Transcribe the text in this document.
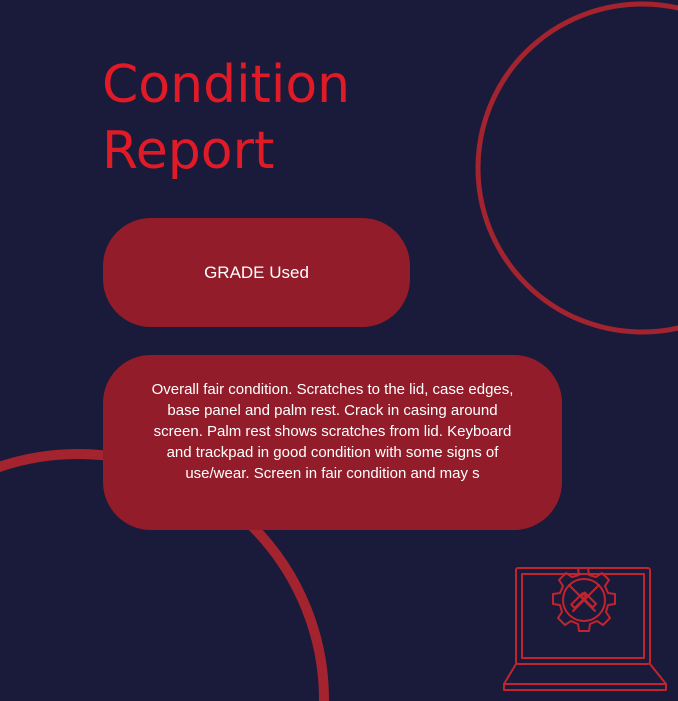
Condition
Report
GRADE Used

Overall fair condition. Scratches to the lid, case edges, base panel and palm rest. Crack in casing around screen. Palm rest shows scratches from lid. Keyboard and trackpad in good condition with some signs of use/wear. Screen in fair condition and may s
